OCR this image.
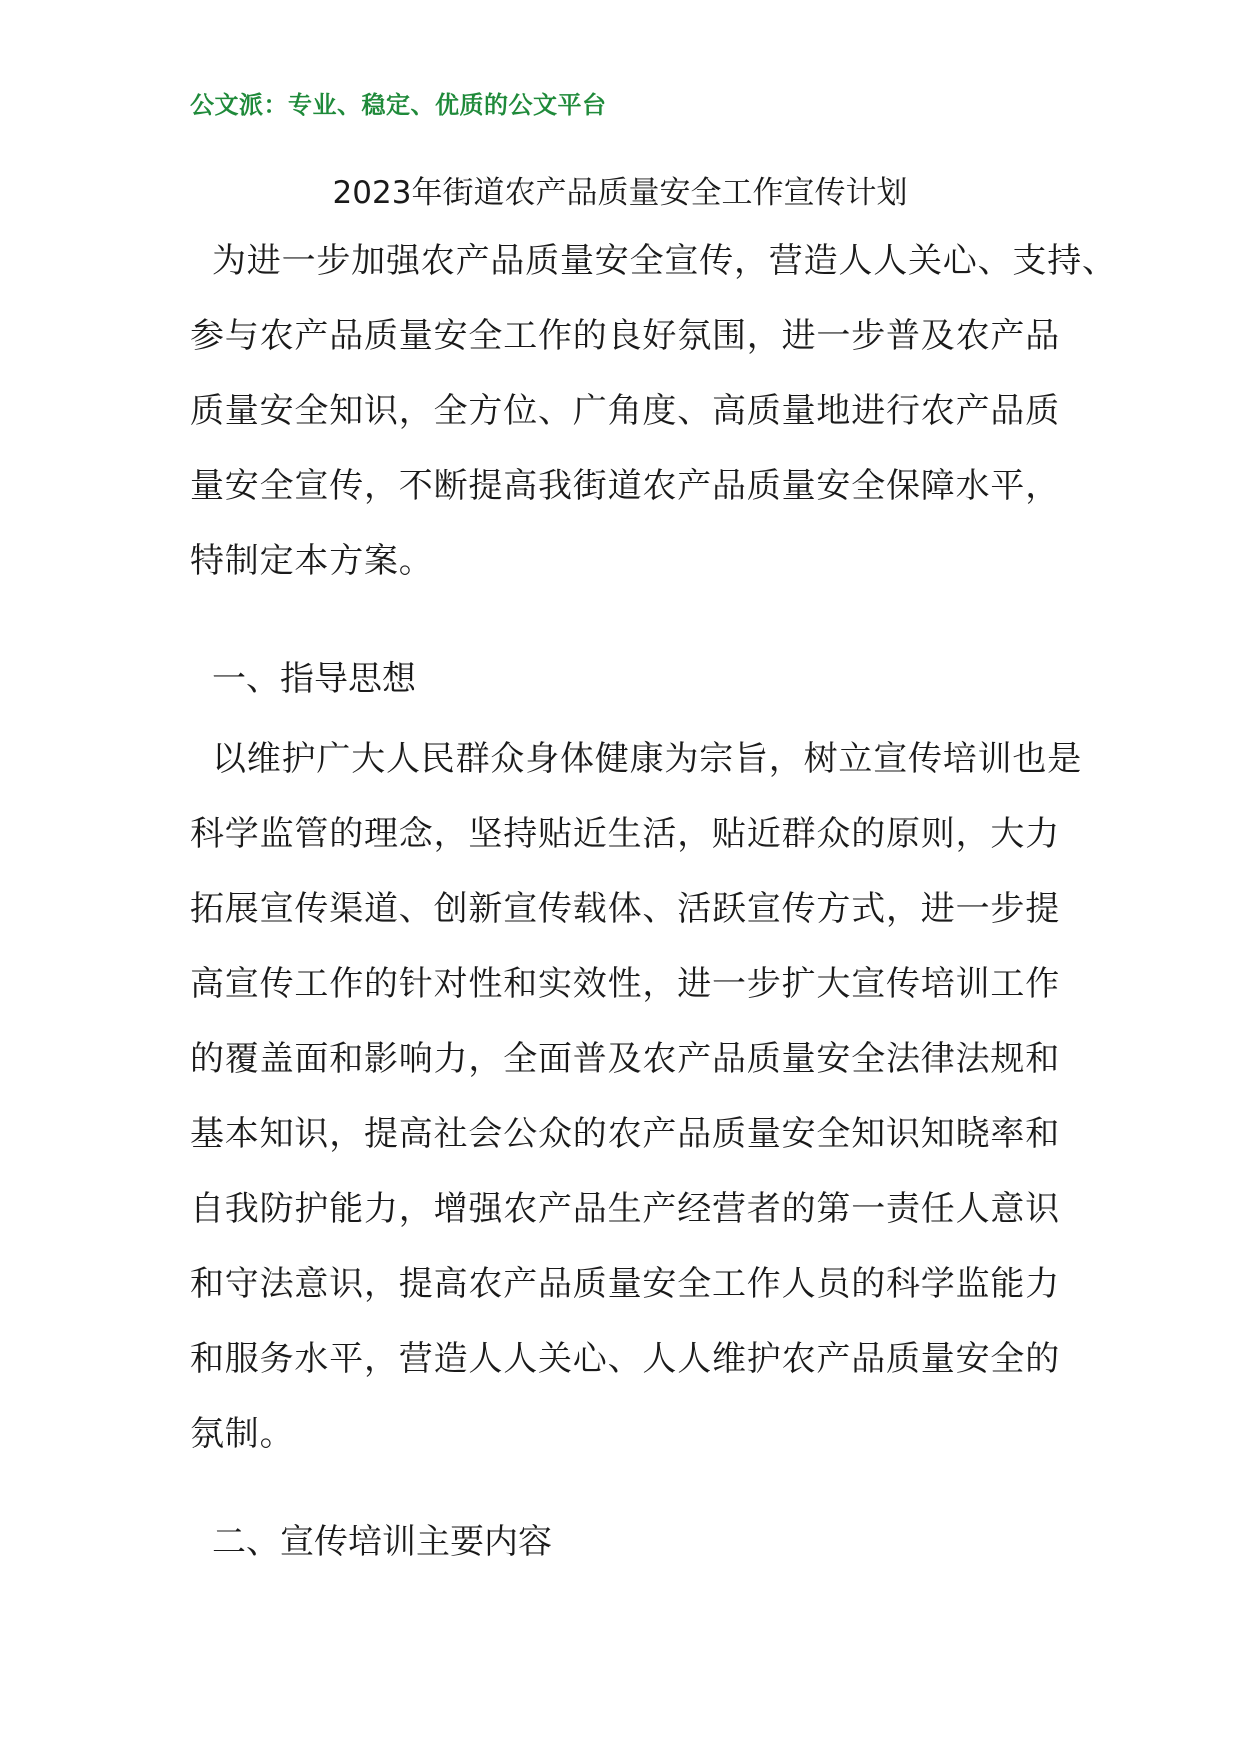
公文派：专业、稳定、优质的公文平台
2023年街道农产品质量安全工作宣传计划
为进一步加强农产品质量安全宣传，营造人人关心、支持、
参与农产品质量安全工作的良好氛围，进一步普及农产品
质量安全知识，全方位、广角度、高质量地进行农产品质
量安全宣传，不断提高我街道农产品质量安全保障水平，
特制定本方案。
一、指导思想
以维护广大人民群众身体健康为宗旨，树立宣传培训也是
科学监管的理念，坚持贴近生活，贴近群众的原则，大力
拓展宣传渠道、创新宣传载体、活跃宣传方式，进一步提
高宣传工作的针对性和实效性，进一步扩大宣传培训工作
的覆盖面和影响力，全面普及农产品质量安全法律法规和
基本知识，提高社会公众的农产品质量安全知识知晓率和
自我防护能力，增强农产品生产经营者的第一责任人意识
和守法意识，提高农产品质量安全工作人员的科学监能力
和服务水平，营造人人关心、人人维护农产品质量安全的
氛制。
二、宣传培训主要内容
